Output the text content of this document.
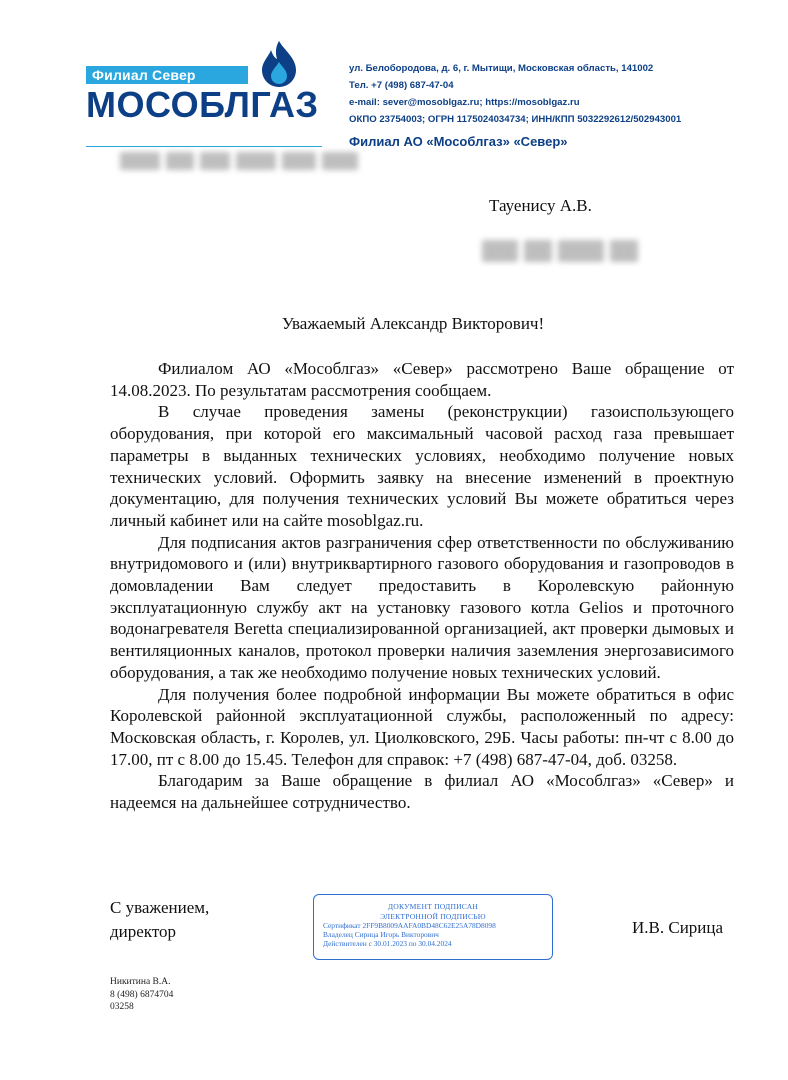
Филиал Север
МОСОБЛГАЗ
ул. Белобородова, д. 6, г. Мытищи, Московская область, 141002
Тел. +7 (498) 687-47-04
e-mail: sever@mosoblgaz.ru; https://mosoblgaz.ru
ОКПО 23754003; ОГРН 1175024034734; ИНН/КПП 5032292612/502943001
Филиал АО «Мособлгаз» «Север»
Тауенису А.В.
Уважаемый Александр Викторович!

Филиалом АО «Мособлгаз» «Север» рассмотрено Ваше обращение от 14.08.2023. По результатам рассмотрения сообщаем.

В случае проведения замены (реконструкции) газоиспользующего оборудования, при которой его максимальный часовой расход газа превышает параметры в выданных технических условиях, необходимо получение новых технических условий. Оформить заявку на внесение изменений в проектную документацию, для получения технических условий Вы можете обратиться через личный кабинет или на сайте mosoblgaz.ru.

Для подписания актов разграничения сфер ответственности по обслуживанию внутридомового и (или) внутриквартирного газового оборудования и газопроводов в домовладении Вам следует предоставить в Королевскую районную эксплуатационную службу акт на установку газового котла Gelios и проточного водонагревателя Beretta специализированной организацией, акт проверки дымовых и вентиляционных каналов, протокол проверки наличия заземления энергозависимого оборудования, а так же необходимо получение новых технических условий.

Для получения более подробной информации Вы можете обратиться в офис Королевской районной эксплуатационной службы, расположенный по адресу: Московская область, г. Королев, ул. Циолковского, 29Б. Часы работы: пн-чт с 8.00 до 17.00, пт с 8.00 до 15.45. Телефон для справок: +7 (498) 687-47-04, доб. 03258.

Благодарим за Ваше обращение в филиал АО «Мособлгаз» «Север» и надеемся на дальнейшее сотрудничество.

С уважением,
директор
ДОКУМЕНТ ПОДПИСАН
ЭЛЕКТРОННОЙ ПОДПИСЬЮ
Сертификат 2FF9B8009AAFA0BD48C62E25A78D8098
Владелец Сирица Игорь Викторович
Действителен с 30.01.2023 по 30.04.2024
И.В. Сирица
Никитина В.А.
8 (498) 6874704
03258
